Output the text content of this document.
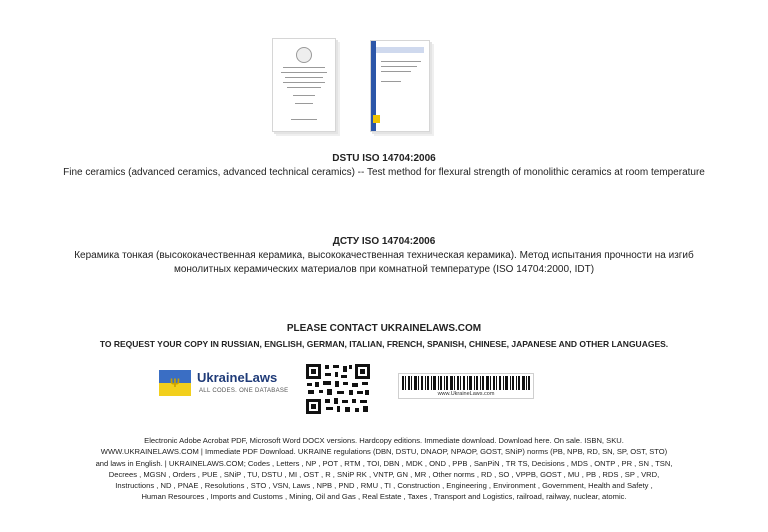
DSTU ISO 14704:2006
Fine ceramics (advanced ceramics, advanced technical ceramics) -- Test method for flexural strength of monolithic ceramics at room temperature
ДСТУ ISO 14704:2006
Керамика тонкая (высококачественная керамика, высококачественная техническая керамика). Метод испытания прочности на изгиб монолитных керамических материалов при комнатной температуре (ISO 14704:2000, IDT)
PLEASE CONTACT UKRAINELAWS.COM
TO REQUEST YOUR COPY IN RUSSIAN, ENGLISH, GERMAN, ITALIAN, FRENCH, SPANISH, CHINESE, JAPANESE AND OTHER LANGUAGES.
Ψ UkraineLaws
ALL CODES. ONE DATABASE	www.UkraineLaws.com
Electronic Adobe Acrobat PDF, Microsoft Word DOCX versions. Hardcopy editions. Immediate download. Download here. On sale. ISBN, SKU.
WWW.UKRAINELAWS.COM | Immediate PDF Download. UKRAINE regulations (DBN, DSTU, DNAOP, NPAOP, GOST, SNiP) norms (PB, NPB, RD, SN, SP, OST, STO)
and laws in English. | UKRAINELAWS.COM; Codes , Letters , NP , POT , RTM , TOI, DBN , MDK , OND , PPB , SanPiN , TR TS, Decisions , MDS , ONTP , PR , SN , TSN,
Decrees , MGSN , Orders , PUE , SNiP , TU, DSTU , MI , OST , R , SNiP RK , VNTP, GN , MR , Other norms , RD , SO , VPPB, GOST , MU , PB , RDS , SP , VRD,
Instructions , ND , PNAE , Resolutions , STO , VSN, Laws , NPB , PND , RMU , TI , Construction , Engineering , Environment , Government, Health and Safety ,
Human Resources , Imports and Customs , Mining, Oil and Gas , Real Estate , Taxes , Transport and Logistics, railroad, railway, nuclear, atomic.
